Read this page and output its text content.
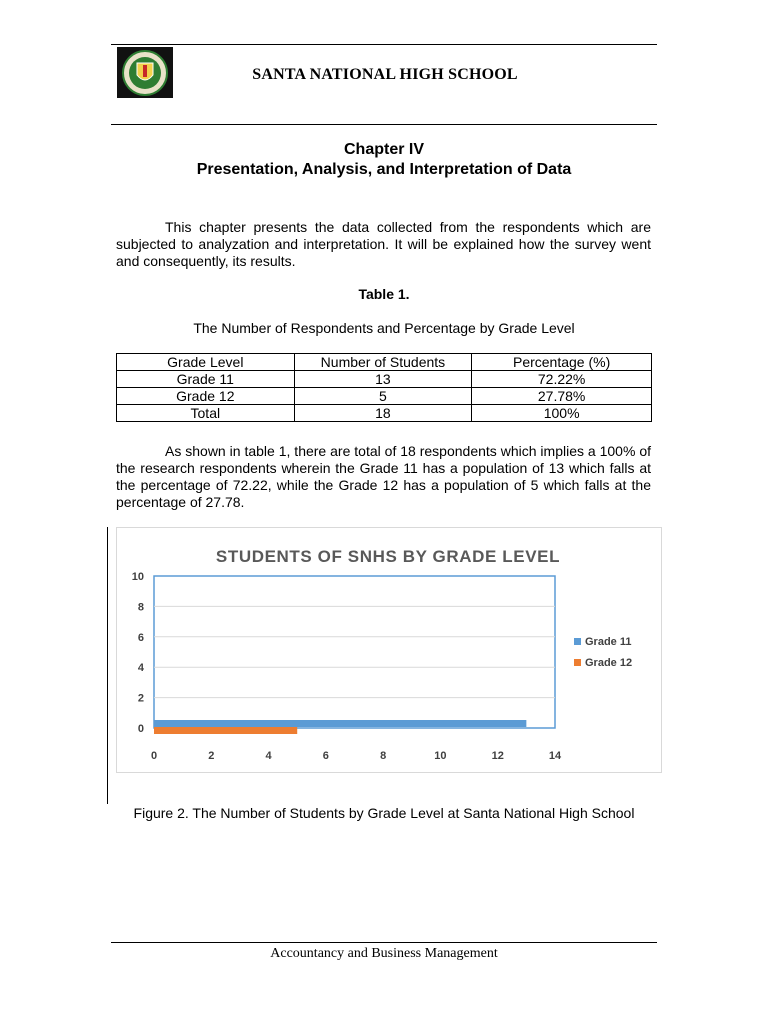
SANTA NATIONAL HIGH SCHOOL
Chapter IV
Presentation, Analysis, and Interpretation of Data

This chapter presents the data collected from the respondents which are subjected to analyzation and interpretation. It will be explained how the survey went and consequently, its results.

Table 1.
The Number of Respondents and Percentage by Grade Level
Grade Level	Number of Students	Percentage (%)
Grade 11	13	72.22%
Grade 12	5	27.78%
Total	18	100%

As shown in table 1, there are total of 18 respondents which implies a 100% of the research respondents wherein the Grade 11 has a population of 13 which falls at the percentage of 72.22, while the Grade 12 has a population of 5 which falls at the percentage of 27.78.

STUDENTS OF SNHS BY GRADE LEVEL
0
2
4
6
8
10
0	2	4	6	8	10	12	14
Grade 11
Grade 12
Figure 2. The Number of Students by Grade Level at Santa National High School
Accountancy and Business Management
